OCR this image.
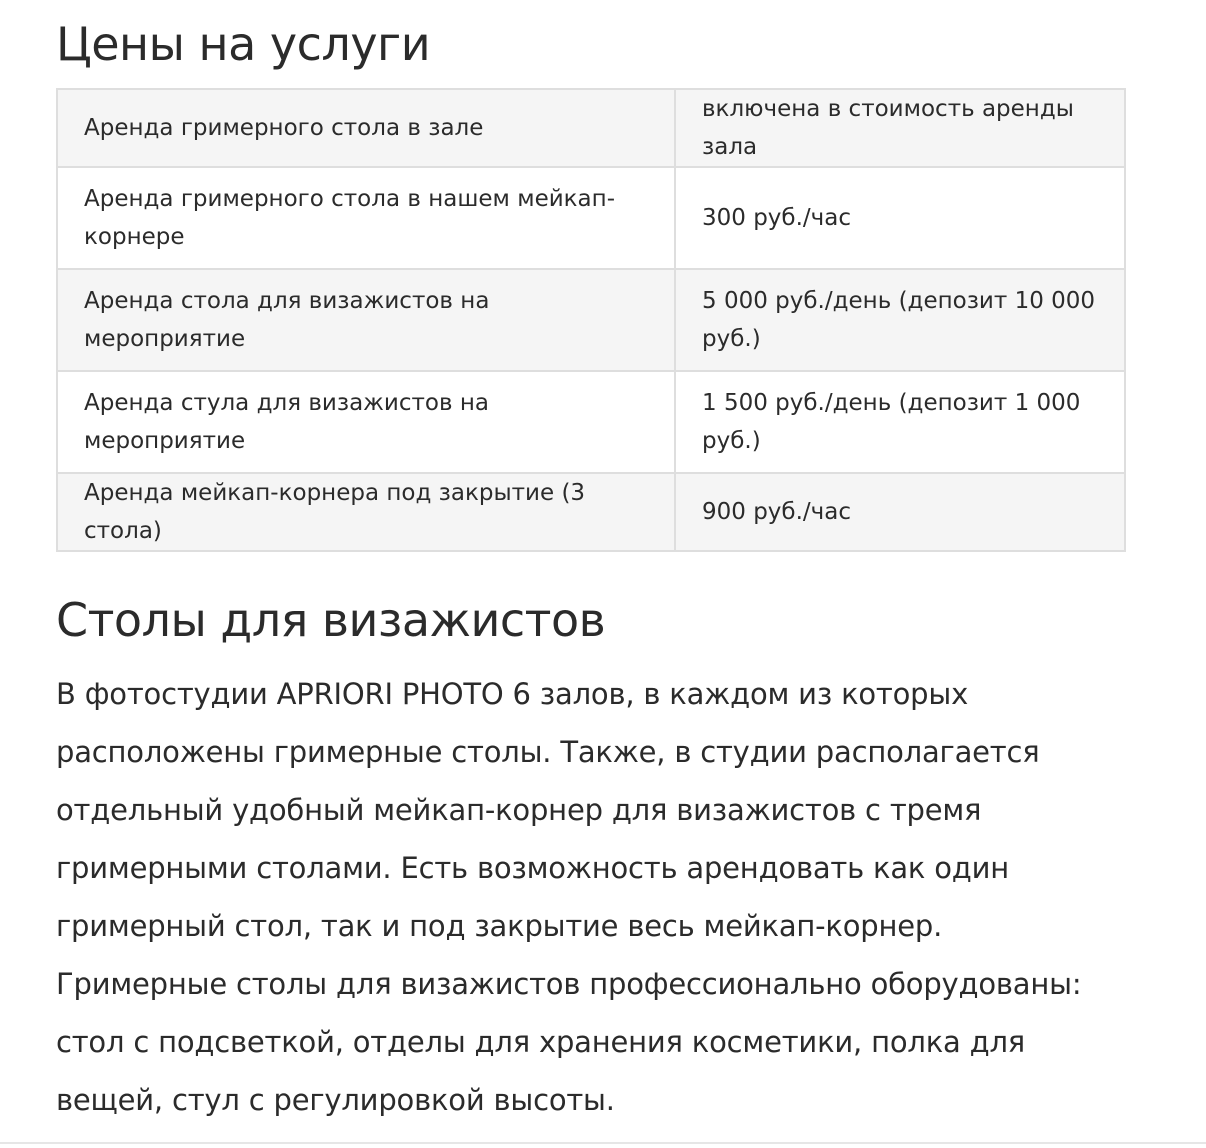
Цены на услуги
Аренда гримерного стола в зале	включена в стоимость аренды зала
Аренда гримерного стола в нашем мейкап-корнере	300 руб./час
Аренда стола для визажистов на мероприятие	5 000 руб./день (депозит 10 000 руб.)
Аренда стула для визажистов на мероприятие	1 500 руб./день (депозит 1 000 руб.)
Аренда мейкап-корнера под закрытие (3 стола)	900 руб./час
Столы для визажистов

В фотостудии APRIORI PHOTO 6 залов, в каждом из которых расположены гримерные столы. Также, в студии располагается отдельный удобный мейкап-корнер для визажистов с тремя гримерными столами. Есть возможность арендовать как один гримерный стол, так и под закрытие весь мейкап-корнер. Гримерные столы для визажистов профессионально оборудованы: стол с подсветкой, отделы для хранения косметики, полка для вещей, стул с регулировкой высоты.
